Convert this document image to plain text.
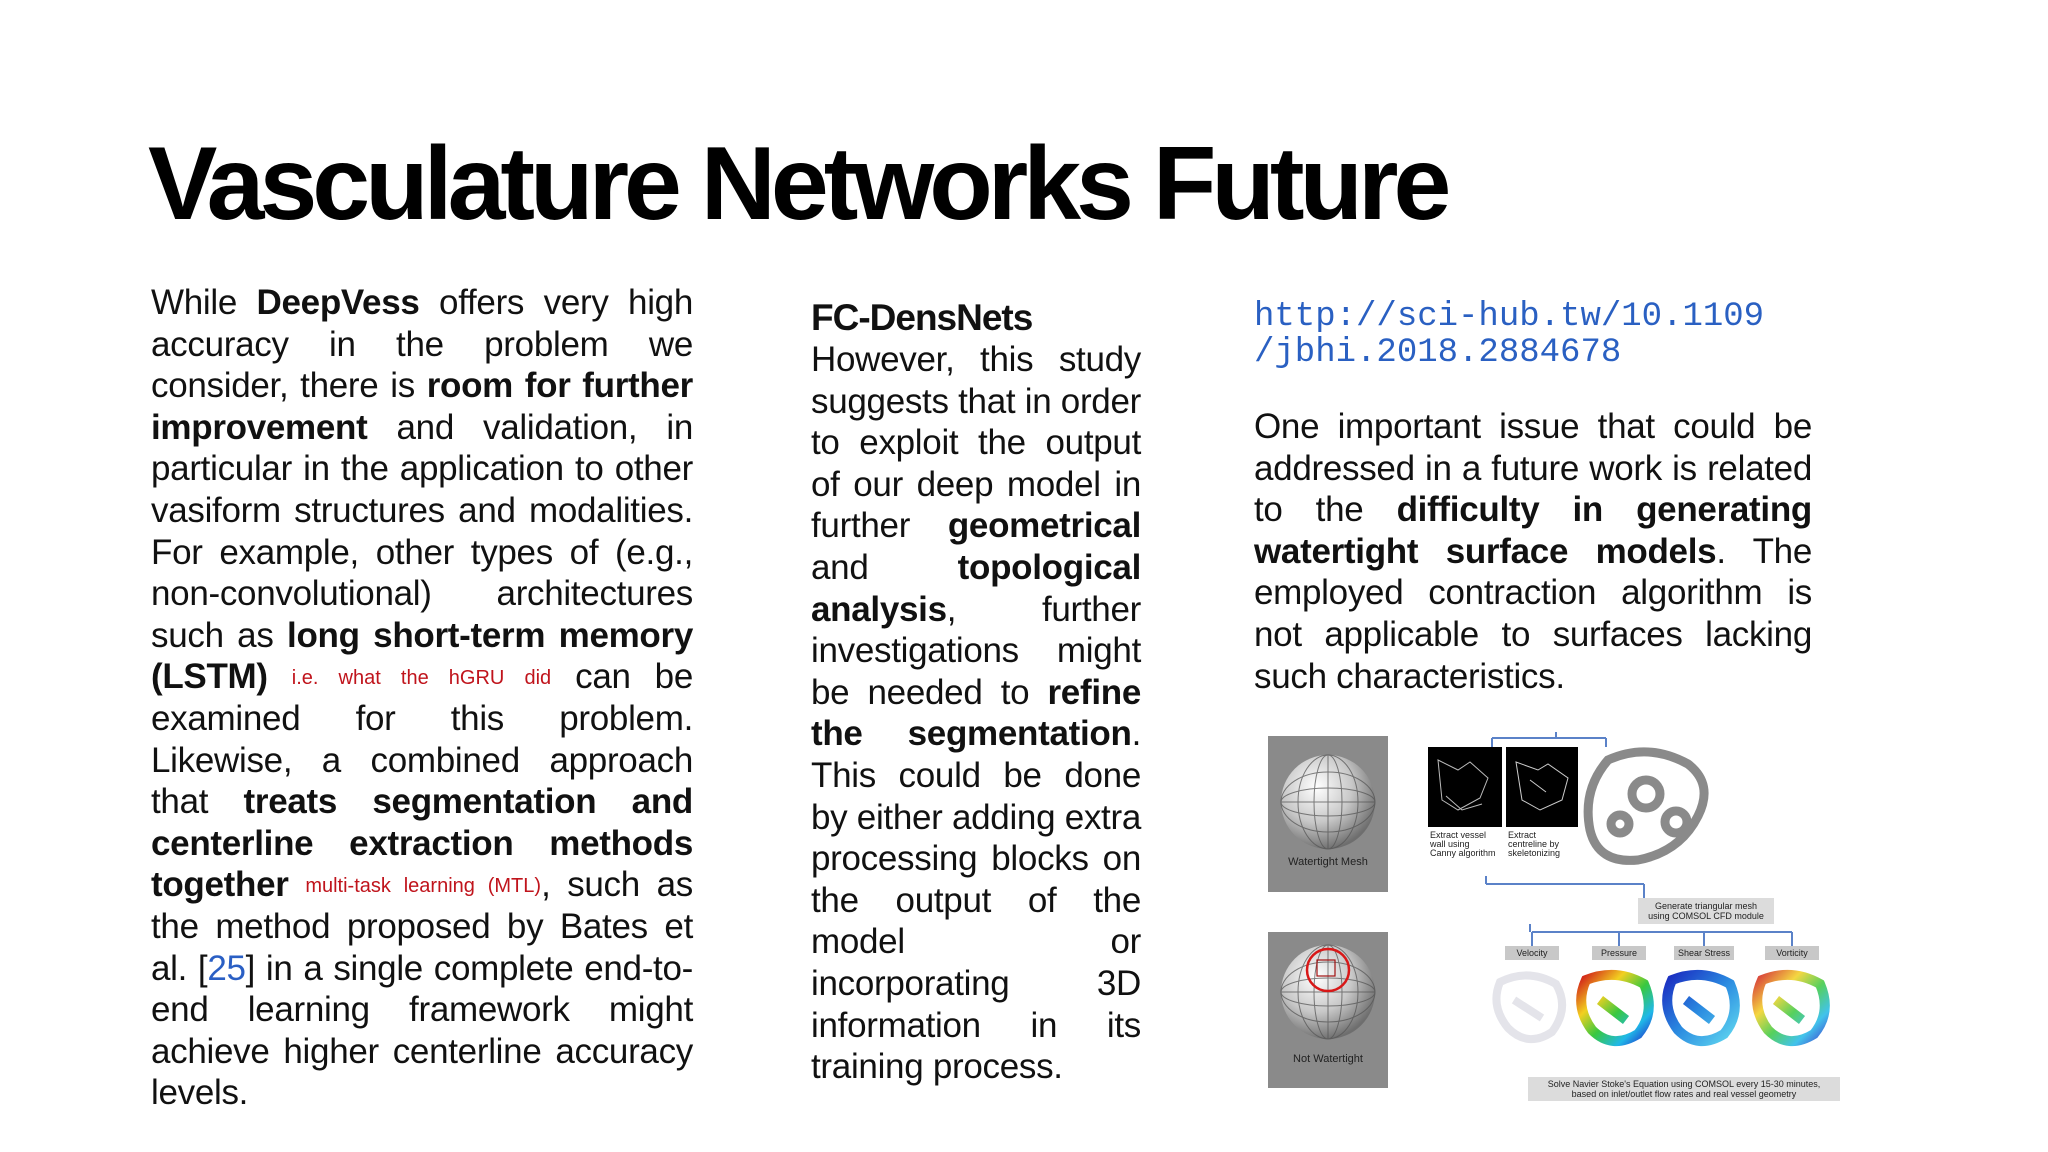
Vasculature Networks Future
While DeepVess offers very high accuracy in the problem we consider, there is room for further improvement and validation, in particular in the application to other vasiform structures and modalities. For example, other types of (e.g., non-convolutional) architectures such as long short-term memory (LSTM) i.e. what the hGRU did can be examined for this problem. Likewise, a combined approach that treats segmentation and centerline extraction methods together multi-task learning (MTL), such as the method proposed by Bates et al. [25] in a single complete end-to-end learning framework might achieve higher centerline accuracy levels.
FC-DensNets
However, this study suggests that in order to exploit the output of our deep model in further geometrical and	topological analysis, further investigations might be needed to refine the segmentation. This could be done by either adding extra processing blocks on the output of the model or incorporating 3D information in its training process.
http://sci-hub.tw/10.1109
/jbhi.2018.2884678
One important issue that could be addressed in a future work is related to the difficulty in generating watertight surface models. The employed contraction algorithm is not applicable to surfaces lacking such characteristics.
Watertight Mesh
Not Watertight
Extract vessel wall using Canny algorithm
Extract centreline by skeletonizing
Generate triangular mesh using COMSOL CFD module
Velocity	Pressure	Shear Stress	Vorticity
Solve Navier Stoke's Equation using COMSOL every 15-30 minutes, based on inlet/outlet flow rates and real vessel geometry
